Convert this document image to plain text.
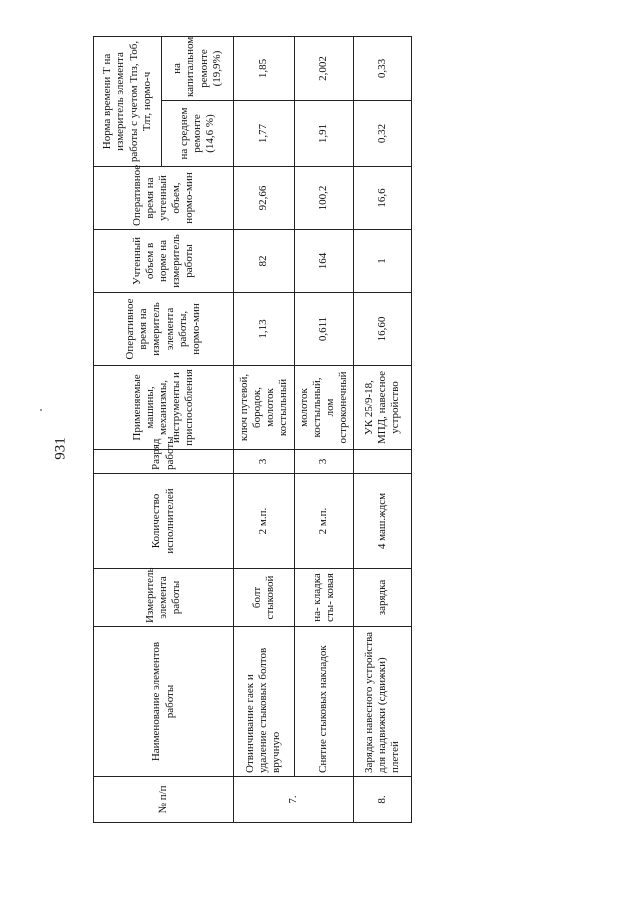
931
№ п/п	Наименование элементов работы	Измеритель элемента работы	Количество исполнителей	Разряд работы	Применяемые машины, механизмы, инструменты и приспособления	Оперативное время на измеритель элемента работы, нормо-мин	Учтенный объем в норме на измеритель работы	Оперативное время на учтенный объем, нормо-мин	Норма времени Т на измеритель элемента работы с учетом Тпз, Тоб, Тлт, нормо-ч	
									на среднем ремонте (14,6 %)	на капитальном ремонте (19,9%)
7.	Отвинчивание гаек и удаление стыковых болтов вручную	болт стыковой	2 м.п.	3	ключ путевой, бородок, молоток костыльный	1,13	82	92,66	1,77	1,85
	Снятие стыковых накладок	на- кладка сты- ковая	2 м.п.	3	молоток костыльный, лом остроконечный	0,611	164	100,2	1,91	2,002
8.	Зарядка навесного устройства для надвижки (сдвижки) плетей	зарядка	4 маш.ждсм		УК 25/9-18, МПД, навесное устройство	16,60	1	16,6	0,32	0,33
